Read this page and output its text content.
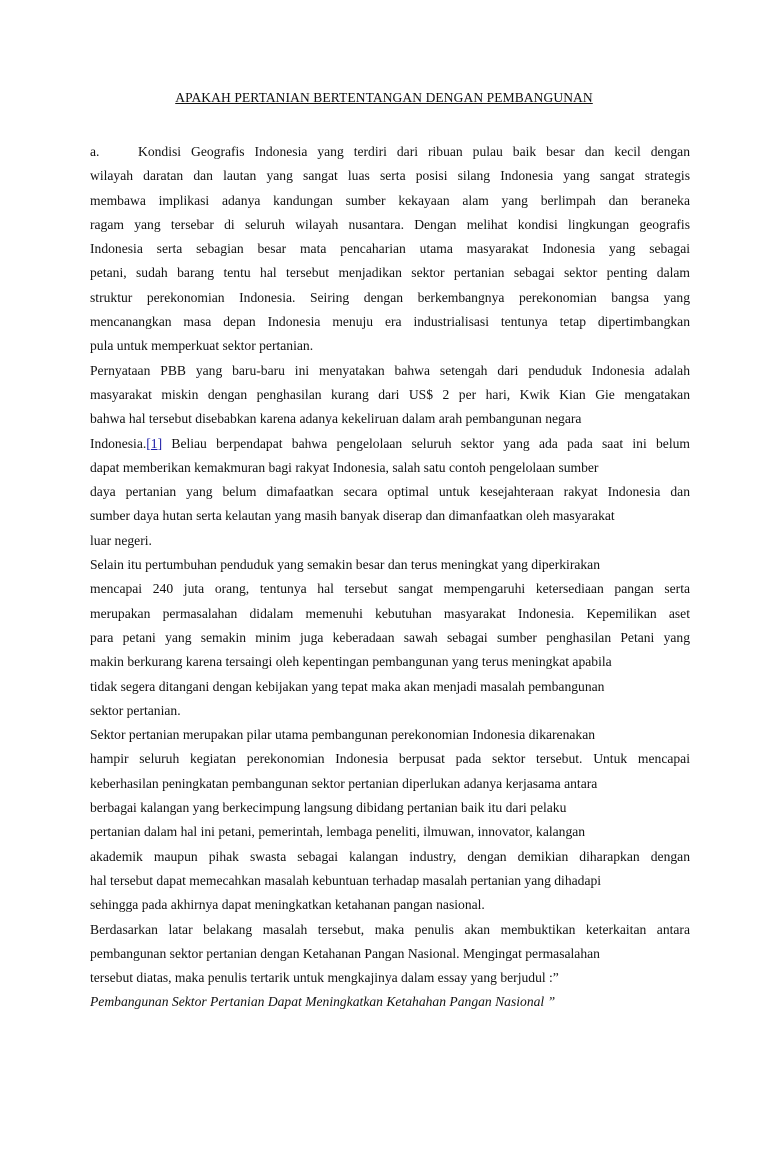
APAKAH PERTANIAN BERTENTANGAN DENGAN PEMBANGUNAN
a.	Kondisi Geografis Indonesia yang terdiri dari ribuan pulau baik besar dan kecil dengan
wilayah daratan dan lautan yang sangat luas serta posisi silang Indonesia yang sangat strategis
membawa implikasi adanya kandungan sumber kekayaan alam yang berlimpah dan beraneka
ragam yang tersebar di seluruh wilayah nusantara. Dengan melihat kondisi lingkungan geografis
Indonesia serta sebagian besar mata pencaharian utama masyarakat Indonesia yang sebagai
petani, sudah barang tentu hal tersebut menjadikan sektor pertanian sebagai sektor penting dalam
struktur perekonomian Indonesia. Seiring dengan berkembangnya perekonomian bangsa yang
mencanangkan masa depan Indonesia menuju era industrialisasi tentunya tetap dipertimbangkan
pula untuk memperkuat sektor pertanian.
Pernyataan PBB yang baru-baru ini menyatakan bahwa setengah dari penduduk Indonesia adalah
masyarakat miskin dengan penghasilan kurang dari US$ 2 per hari, Kwik Kian Gie mengatakan
bahwa hal tersebut disebabkan karena adanya kekeliruan dalam arah pembangunan negara
Indonesia.[1] Beliau berpendapat bahwa pengelolaan seluruh sektor yang ada pada saat ini belum
dapat memberikan kemakmuran bagi rakyat Indonesia, salah satu contoh pengelolaan sumber
daya pertanian yang belum dimafaatkan secara optimal untuk kesejahteraan rakyat Indonesia dan
sumber daya hutan serta kelautan yang masih banyak diserap dan dimanfaatkan oleh masyarakat
luar negeri.
Selain itu pertumbuhan penduduk yang semakin besar dan terus meningkat yang diperkirakan
mencapai 240 juta orang, tentunya hal tersebut sangat mempengaruhi ketersediaan pangan serta
merupakan permasalahan didalam memenuhi kebutuhan masyarakat Indonesia. Kepemilikan aset
para petani yang semakin minim juga keberadaan sawah sebagai sumber penghasilan Petani yang
makin berkurang karena tersaingi oleh kepentingan pembangunan yang terus meningkat apabila
tidak segera ditangani dengan kebijakan yang tepat maka akan menjadi masalah pembangunan
sektor pertanian.
Sektor pertanian merupakan pilar utama pembangunan perekonomian Indonesia dikarenakan
hampir seluruh kegiatan perekonomian Indonesia berpusat pada sektor tersebut. Untuk mencapai
keberhasilan peningkatan pembangunan sektor pertanian diperlukan adanya kerjasama antara
berbagai kalangan yang berkecimpung langsung dibidang pertanian baik itu dari pelaku
pertanian dalam hal ini petani, pemerintah, lembaga peneliti, ilmuwan, innovator, kalangan
akademik maupun pihak swasta sebagai kalangan industry, dengan demikian diharapkan dengan
hal tersebut dapat memecahkan masalah kebuntuan terhadap masalah pertanian yang dihadapi
sehingga pada akhirnya dapat meningkatkan ketahanan pangan nasional.
Berdasarkan latar belakang masalah tersebut, maka penulis akan membuktikan keterkaitan antara
pembangunan sektor pertanian dengan Ketahanan Pangan Nasional. Mengingat permasalahan
tersebut diatas, maka penulis tertarik untuk mengkajinya dalam essay yang berjudul :”
Pembangunan Sektor Pertanian Dapat Meningkatkan Ketahahan Pangan Nasional ”
